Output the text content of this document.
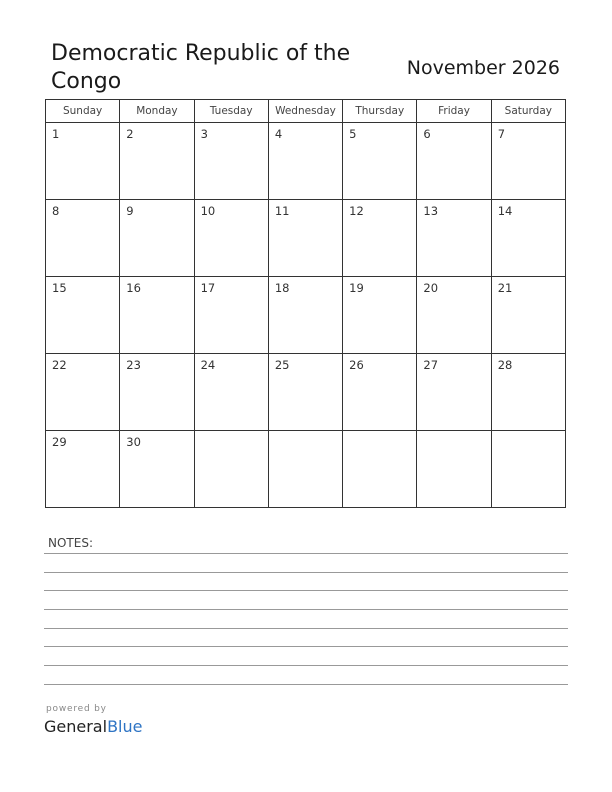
Democratic Republic of the Congo
November 2026
Sunday	Monday	Tuesday	Wednesday	Thursday	Friday	Saturday

1	2	3	4	5	6	7

8	9	10	11	12	13	14

15	16	17	18	19	20	21

22	23	24	25	26	27	28

29	30					

NOTES:
powered by
GeneralBlue
